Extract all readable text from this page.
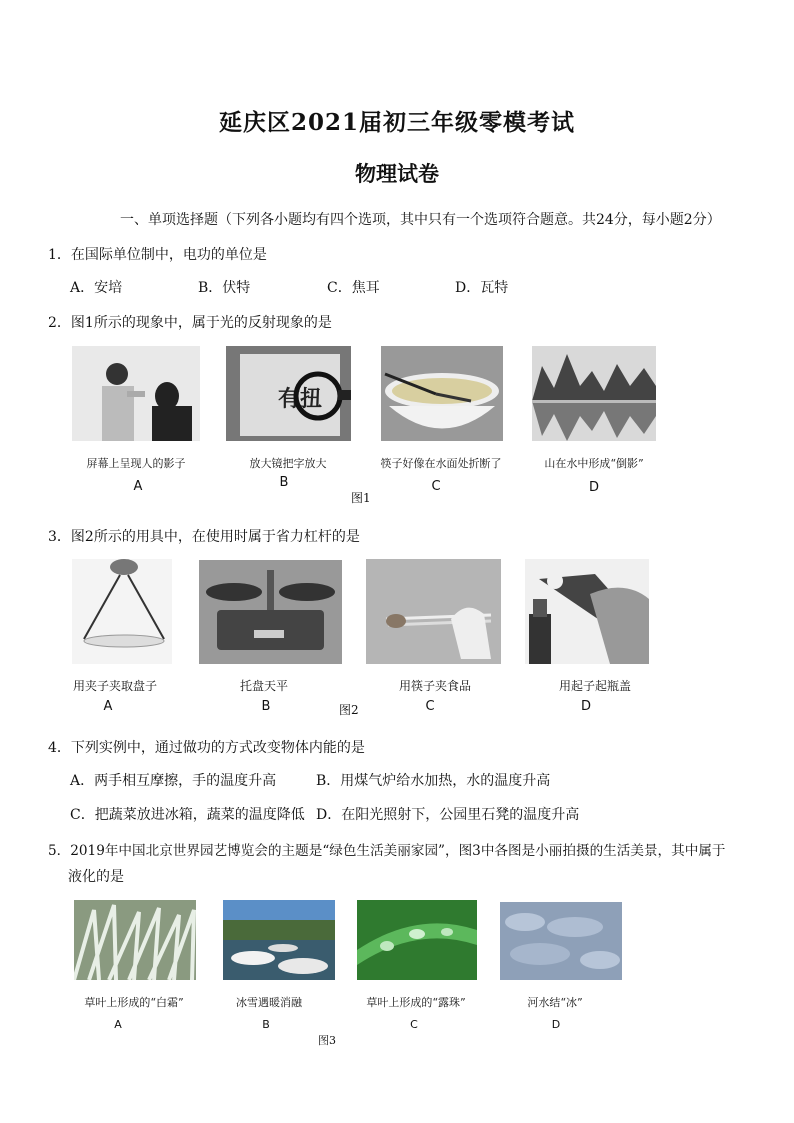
延庆区2021届初三年级零模考试
物理试卷
一、单项选择题（下列各小题均有四个选项，其中只有一个选项符合题意。共24分，每小题2分）
1．在国际单位制中，电功的单位是
A．安培	B．伏特	C．焦耳	D．瓦特
2．图1所示的现象中，属于光的反射现象的是
有扭
屏幕上呈现人的影子	放大镜把字放大	筷子好像在水面处折断了	山在水中形成“倒影”
A	B	C	D
图1
3．图2所示的用具中，在使用时属于省力杠杆的是
用夹子夹取盘子	托盘天平	用筷子夹食品	用起子起瓶盖
A	B	C	D
图2
4．下列实例中，通过做功的方式改变物体内能的是
A．两手相互摩擦，手的温度升高	B．用煤气炉给水加热，水的温度升高
C．把蔬菜放进冰箱，蔬菜的温度降低 D．在阳光照射下，公园里石凳的温度升高
5．2019年中国北京世界园艺博览会的主题是“绿色生活美丽家园”，图3中各图是小丽拍摄的生活美景，其中属于
液化的是
草叶上形成的“白霜”	冰雪遇暖消融	草叶上形成的“露珠”	河水结“冰”
A	B	C	D
图3
